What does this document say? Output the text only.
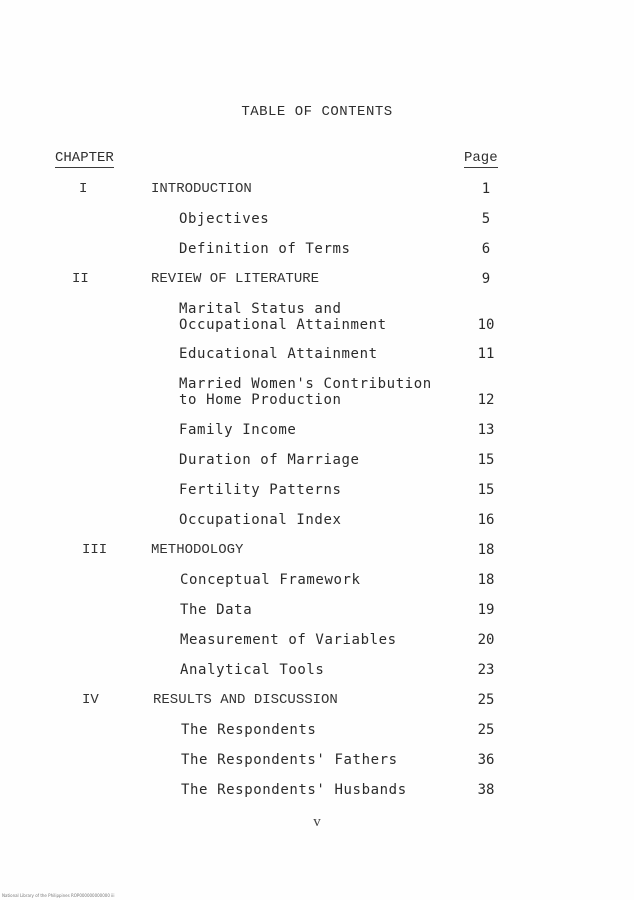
TABLE OF CONTENTS
CHAPTER	Page
I	INTRODUCTION	1
Objectives	5
Definition of Terms	6
II	REVIEW OF LITERATURE	9
Marital Status and
Occupational Attainment	10
Educational Attainment	11
Married Women's Contribution
to Home Production	12
Family Income	13
Duration of Marriage	15
Fertility Patterns	15
Occupational Index	16
III	METHODOLOGY	18
Conceptual Framework	18
The Data	19
Measurement of Variables	20
Analytical Tools	23
IV	RESULTS AND DISCUSSION	25
The Respondents	25
The Respondents' Fathers	36
The Respondents' Husbands	38
v
National Library of the Philippines ROP000000000000 iii
